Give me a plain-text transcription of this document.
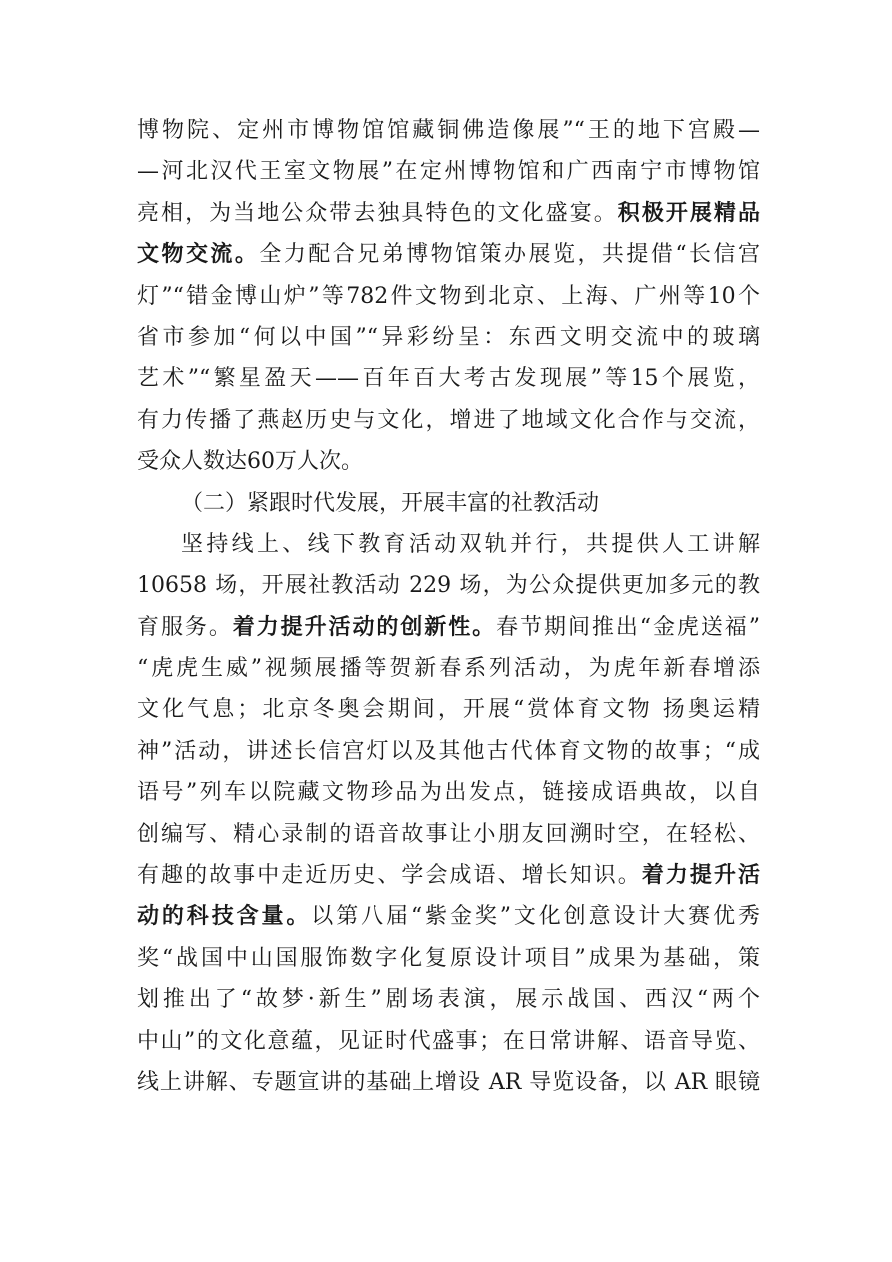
博物院、定州市博物馆馆藏铜佛造像展”“王的地下宫殿—
—河北汉代王室文物展”在定州博物馆和广西南宁市博物馆
亮相，为当地公众带去独具特色的文化盛宴。积极开展精品
文物交流。全力配合兄弟博物馆策办展览，共提借“长信宫
灯”“错金博山炉”等782件文物到北京、上海、广州等10个
省市参加“何以中国”“异彩纷呈：东西文明交流中的玻璃
艺术”“繁星盈天——百年百大考古发现展”等15个展览，
有力传播了燕赵历史与文化，增进了地域文化合作与交流，
受众人数达60万人次。
（二）紧跟时代发展，开展丰富的社教活动
坚持线上、线下教育活动双轨并行，共提供人工讲解
10658 场，开展社教活动 229 场，为公众提供更加多元的教
育服务。着力提升活动的创新性。春节期间推出“金虎送福”
“虎虎生威”视频展播等贺新春系列活动，为虎年新春增添
文化气息；北京冬奥会期间，开展“赏体育文物 扬奥运精
神”活动，讲述长信宫灯以及其他古代体育文物的故事；“成
语号”列车以院藏文物珍品为出发点，链接成语典故，以自
创编写、精心录制的语音故事让小朋友回溯时空，在轻松、
有趣的故事中走近历史、学会成语、增长知识。着力提升活
动的科技含量。以第八届“紫金奖”文化创意设计大赛优秀
奖“战国中山国服饰数字化复原设计项目”成果为基础，策
划推出了“故梦·新生”剧场表演，展示战国、西汉“两个
中山”的文化意蕴，见证时代盛事；在日常讲解、语音导览、
线上讲解、专题宣讲的基础上增设 AR 导览设备，以 AR 眼镜
